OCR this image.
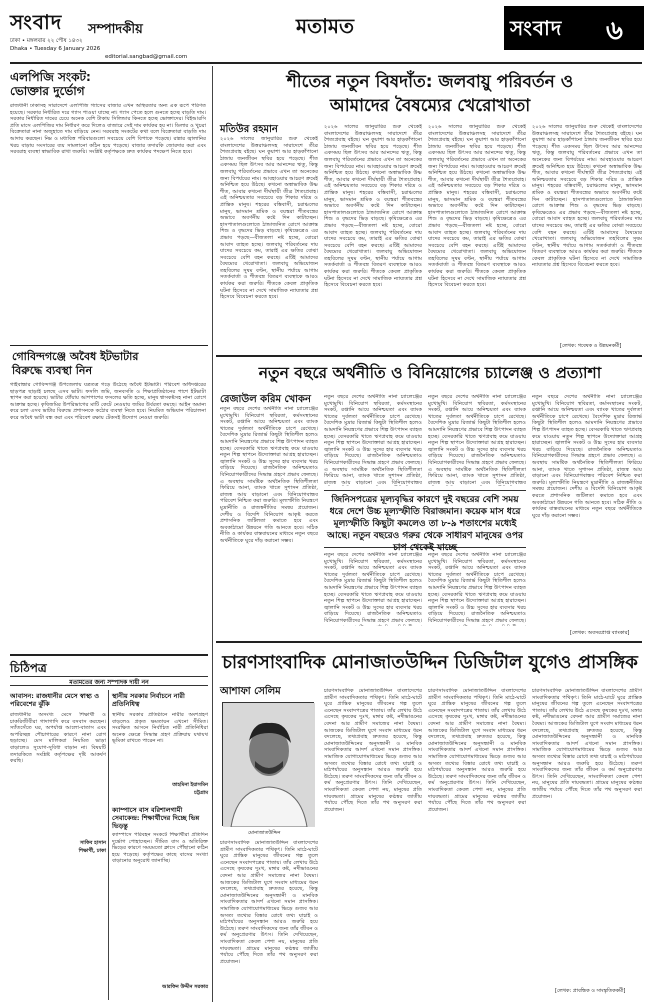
সংবাদ সম্পাদকীয়
ঢাকা • মঙ্গলবার ২২ পৌষ ১৪৩২
Dhaka • Tuesday 6 January 2026
editorial.sangbad@gmail.com
মতামত	সংবাদ ৬
এলপিজি সংকট:
ভোক্তার দুর্ভোগ
রাজধানী ঢাকাসহ সারাদেশে এলপিজি গ্যাসের বাজার এখন অস্থিরতার অন্য এক রূপে পরিণত হয়েছে। সরকার নির্ধারিত দরে গ্যাস পাওয়া যাচ্ছে না। গ্যাস পেতে হলে গুনতে হচ্ছে বাড়তি দাম। সরকার নির্ধারিত দামের চেয়ে অনেক বেশি টাকায় সিলিন্ডার কিনতে হচ্ছে ভোক্তাদের। বিইআরসি প্রতি মাসে এলপিজির দাম নির্ধারণ করে দিলেও বাজারে সেই দাম কার্যকর হয় না। ডিলার ও খুচরা বিক্রেতারা নানা অজুহাতে দাম বাড়িয়ে নেন। সরবরাহ সংকটের কথা বলে বিক্রেতারা বাড়তি দাম আদায় করছেন। নিম্ন ও মধ্যবিত্ত পরিবারগুলো সবচেয়ে বেশি বিপাকে পড়েছে। রান্নার জ্বালানির খরচ বাড়ায় সংসারের ব্যয় সামলানো কঠিন হয়ে পড়েছে। বাজার তদারকি জোরদার করা এবং সরবরাহ ব্যবস্থা স্বাভাবিক রাখা জরুরি। সংশ্লিষ্ট কর্তৃপক্ষকে দ্রুত কার্যকর পদক্ষেপ নিতে হবে।
গোবিন্দগঞ্জে অবৈধ ইটভাটার
বিরুদ্ধে ব্যবস্থা নিন
গাইবান্ধার গোবিন্দগঞ্জ উপজেলায় যত্রতত্র গড়ে উঠেছে অবৈধ ইটভাটা। পরিবেশ অধিদপ্তরের ছাড়পত্র ছাড়াই চলছে এসব ভাটা। ফসলি জমি, জনবসতি ও শিক্ষাপ্রতিষ্ঠানের পাশে ইটভাটা স্থাপন করা হয়েছে। ভাটার ধোঁয়ায় আশপাশের ফসলের ক্ষতি হচ্ছে, মানুষ শ্বাসকষ্টসহ নানা রোগে আক্রান্ত হচ্ছে। কৃষিজমির উপরিভাগের মাটি কেটে নেওয়ায় জমির উর্বরতা কমছে। আইন অমান্য করে চলা এসব ভাটার বিরুদ্ধে প্রশাসনকে কঠোর ব্যবস্থা নিতে হবে। নিয়মিত অভিযান পরিচালনা করে অবৈধ ভাটা বন্ধ করা এবং পরিবেশ রক্ষায় টেকসই উদ্যোগ নেওয়া জরুরি।
চিঠিপত্র
মতামতের জন্য সম্পাদক দায়ী নন
আবাসন: রাজধানীর মেসে স্বাস্থ্য ও পরিবেশের ঝুঁকি
রাজধানীর অসংখ্য মেসে শিক্ষার্থী ও চাকরিজীবীরা গাদাগাদি করে বসবাস করছেন। স্যাঁতসেঁতে ঘর, অপর্যাপ্ত আলো-বাতাস এবং অপরিচ্ছন্ন শৌচাগারের কারণে নানা রোগ ছড়াচ্ছে। মেস মালিকরা নিয়মিত ভাড়া বাড়ালেও সুযোগ-সুবিধা বাড়ান না। বিষয়টি তদারকিতে সংশ্লিষ্ট কর্তৃপক্ষের দৃষ্টি আকর্ষণ করছি।
স্থানীয় সরকার নির্বাচনে নারী প্রতিনিধিত্ব
স্থানীয় সরকার প্রতিষ্ঠানে নারীর অংশগ্রহণ বাড়লেও প্রকৃত ক্ষমতায়ন এখনো সীমিত। সংরক্ষিত আসনে নির্বাচিত নারী প্রতিনিধিরা অনেক ক্ষেত্রে সিদ্ধান্ত গ্রহণ প্রক্রিয়ায় যথাযথ ভূমিকা রাখতে পারেন না।
তাহমিনা ইয়াসমিন
চট্টগ্রাম
সাকিব হাসান
শিক্ষার্থী, ঢাকা
ক্যাম্পাসে বাস বরিশালগামী সেবাকেন্দ্র: শিক্ষার্থীদের দিচ্ছে ভিন্ন ভিড়ন্তু
ক্যাম্পাসে পরিবহন সংকটে শিক্ষার্থীরা প্রতিদিন দুর্ভোগ পোহাচ্ছেন। সীমিত বাস ও অতিরিক্ত ভিড়ের কারণে সময়মতো ক্লাসে পৌঁছানো কঠিন হয়ে পড়েছে। কর্তৃপক্ষের কাছে বাসের সংখ্যা বাড়ানোর অনুরোধ জানাচ্ছি।
আরফিন উদ্দীন সরকার
শীতের নতুন বিষদাঁত: জলবায়ু পরিবর্তন ও
আমাদের বৈষম্যের খেরোখাতা
মতিউর রহমান
২০২৬ সালের জানুয়ারির শুরু থেকেই বাংলাদেশের উত্তরাঞ্চলসহ সারাদেশে তীব্র শৈত্যপ্রবাহ বইছে। ঘন কুয়াশা আর হাড়কাঁপানো ঠান্ডায় জনজীবন স্থবির হয়ে পড়েছে। শীত একসময় ছিল উৎসব আর আনন্দের ঋতু, কিন্তু জলবায়ু পরিবর্তনের প্রভাবে এখন তা অনেকের জন্য বিপর্যয়ের নাম। আবহাওয়ার আচরণ ক্রমেই অনিশ্চিত হয়ে উঠছে। কখনো অস্বাভাবিক উষ্ণ শীত, আবার কখনো দীর্ঘস্থায়ী তীব্র শৈত্যপ্রবাহ। এই অনিশ্চয়তার সবচেয়ে বড় শিকার দরিদ্র ও প্রান্তিক মানুষ। শহরের বস্তিবাসী, চরাঞ্চলের মানুষ, ভাসমান শ্রমিক ও বয়স্করা শীতবস্ত্রের অভাবে অবর্ণনীয় কষ্টে দিন কাটাচ্ছেন। হাসপাতালগুলোতে ঠান্ডাজনিত রোগে আক্রান্ত শিশু ও বৃদ্ধদের ভিড় বাড়ছে। কৃষিক্ষেত্রেও এর প্রভাব পড়ছে—বীজতলা নষ্ট হচ্ছে, বোরো আবাদ ব্যাহত হচ্ছে। জলবায়ু পরিবর্তনের দায় যাদের সবচেয়ে কম, তারাই এর ক্ষতির বোঝা সবচেয়ে বেশি বহন করছে। এটিই আমাদের বৈষম্যের খেরোখাতা। জলবায়ু অভিযোজন তহবিলের সুষম বণ্টন, স্থানীয় পর্যায়ে আগাম সতর্কবার্তা ও শীতবস্ত্র বিতরণ ব্যবস্থাকে আরও কার্যকর করা জরুরি। শীতকে কেবল প্রাকৃতিক ঘটনা হিসেবে না দেখে সামাজিক ন্যায্যতার প্রশ্ন হিসেবে বিবেচনা করতে হবে।
২০২৬ সালের জানুয়ারির শুরু থেকেই বাংলাদেশের উত্তরাঞ্চলসহ সারাদেশে তীব্র শৈত্যপ্রবাহ বইছে। ঘন কুয়াশা আর হাড়কাঁপানো ঠান্ডায় জনজীবন স্থবির হয়ে পড়েছে। শীত একসময় ছিল উৎসব আর আনন্দের ঋতু, কিন্তু জলবায়ু পরিবর্তনের প্রভাবে এখন তা অনেকের জন্য বিপর্যয়ের নাম। আবহাওয়ার আচরণ ক্রমেই অনিশ্চিত হয়ে উঠছে। কখনো অস্বাভাবিক উষ্ণ শীত, আবার কখনো দীর্ঘস্থায়ী তীব্র শৈত্যপ্রবাহ। এই অনিশ্চয়তার সবচেয়ে বড় শিকার দরিদ্র ও প্রান্তিক মানুষ। শহরের বস্তিবাসী, চরাঞ্চলের মানুষ, ভাসমান শ্রমিক ও বয়স্করা শীতবস্ত্রের অভাবে অবর্ণনীয় কষ্টে দিন কাটাচ্ছেন। হাসপাতালগুলোতে ঠান্ডাজনিত রোগে আক্রান্ত শিশু ও বৃদ্ধদের ভিড় বাড়ছে। কৃষিক্ষেত্রেও এর প্রভাব পড়ছে—বীজতলা নষ্ট হচ্ছে, বোরো আবাদ ব্যাহত হচ্ছে। জলবায়ু পরিবর্তনের দায় যাদের সবচেয়ে কম, তারাই এর ক্ষতির বোঝা সবচেয়ে বেশি বহন করছে। এটিই আমাদের বৈষম্যের খেরোখাতা। জলবায়ু অভিযোজন তহবিলের সুষম বণ্টন, স্থানীয় পর্যায়ে আগাম সতর্কবার্তা ও শীতবস্ত্র বিতরণ ব্যবস্থাকে আরও কার্যকর করা জরুরি। শীতকে কেবল প্রাকৃতিক ঘটনা হিসেবে না দেখে সামাজিক ন্যায্যতার প্রশ্ন হিসেবে বিবেচনা করতে হবে।
২০২৬ সালের জানুয়ারির শুরু থেকেই বাংলাদেশের উত্তরাঞ্চলসহ সারাদেশে তীব্র শৈত্যপ্রবাহ বইছে। ঘন কুয়াশা আর হাড়কাঁপানো ঠান্ডায় জনজীবন স্থবির হয়ে পড়েছে। শীত একসময় ছিল উৎসব আর আনন্দের ঋতু, কিন্তু জলবায়ু পরিবর্তনের প্রভাবে এখন তা অনেকের জন্য বিপর্যয়ের নাম। আবহাওয়ার আচরণ ক্রমেই অনিশ্চিত হয়ে উঠছে। কখনো অস্বাভাবিক উষ্ণ শীত, আবার কখনো দীর্ঘস্থায়ী তীব্র শৈত্যপ্রবাহ। এই অনিশ্চয়তার সবচেয়ে বড় শিকার দরিদ্র ও প্রান্তিক মানুষ। শহরের বস্তিবাসী, চরাঞ্চলের মানুষ, ভাসমান শ্রমিক ও বয়স্করা শীতবস্ত্রের অভাবে অবর্ণনীয় কষ্টে দিন কাটাচ্ছেন। হাসপাতালগুলোতে ঠান্ডাজনিত রোগে আক্রান্ত শিশু ও বৃদ্ধদের ভিড় বাড়ছে। কৃষিক্ষেত্রেও এর প্রভাব পড়ছে—বীজতলা নষ্ট হচ্ছে, বোরো আবাদ ব্যাহত হচ্ছে। জলবায়ু পরিবর্তনের দায় যাদের সবচেয়ে কম, তারাই এর ক্ষতির বোঝা সবচেয়ে বেশি বহন করছে। এটিই আমাদের বৈষম্যের খেরোখাতা। জলবায়ু অভিযোজন তহবিলের সুষম বণ্টন, স্থানীয় পর্যায়ে আগাম সতর্কবার্তা ও শীতবস্ত্র বিতরণ ব্যবস্থাকে আরও কার্যকর করা জরুরি। শীতকে কেবল প্রাকৃতিক ঘটনা হিসেবে না দেখে সামাজিক ন্যায্যতার প্রশ্ন হিসেবে বিবেচনা করতে হবে।
২০২৬ সালের জানুয়ারির শুরু থেকেই বাংলাদেশের উত্তরাঞ্চলসহ সারাদেশে তীব্র শৈত্যপ্রবাহ বইছে। ঘন কুয়াশা আর হাড়কাঁপানো ঠান্ডায় জনজীবন স্থবির হয়ে পড়েছে। শীত একসময় ছিল উৎসব আর আনন্দের ঋতু, কিন্তু জলবায়ু পরিবর্তনের প্রভাবে এখন তা অনেকের জন্য বিপর্যয়ের নাম। আবহাওয়ার আচরণ ক্রমেই অনিশ্চিত হয়ে উঠছে। কখনো অস্বাভাবিক উষ্ণ শীত, আবার কখনো দীর্ঘস্থায়ী তীব্র শৈত্যপ্রবাহ। এই অনিশ্চয়তার সবচেয়ে বড় শিকার দরিদ্র ও প্রান্তিক মানুষ। শহরের বস্তিবাসী, চরাঞ্চলের মানুষ, ভাসমান শ্রমিক ও বয়স্করা শীতবস্ত্রের অভাবে অবর্ণনীয় কষ্টে দিন কাটাচ্ছেন। হাসপাতালগুলোতে ঠান্ডাজনিত রোগে আক্রান্ত শিশু ও বৃদ্ধদের ভিড় বাড়ছে। কৃষিক্ষেত্রেও এর প্রভাব পড়ছে—বীজতলা নষ্ট হচ্ছে, বোরো আবাদ ব্যাহত হচ্ছে। জলবায়ু পরিবর্তনের দায় যাদের সবচেয়ে কম, তারাই এর ক্ষতির বোঝা সবচেয়ে বেশি বহন করছে। এটিই আমাদের বৈষম্যের খেরোখাতা। জলবায়ু অভিযোজন তহবিলের সুষম বণ্টন, স্থানীয় পর্যায়ে আগাম সতর্কবার্তা ও শীতবস্ত্র বিতরণ ব্যবস্থাকে আরও কার্যকর করা জরুরি। শীতকে কেবল প্রাকৃতিক ঘটনা হিসেবে না দেখে সামাজিক ন্যায্যতার প্রশ্ন হিসেবে বিবেচনা করতে হবে।
[লেখক: গবেষক ও উন্নয়নকর্মী]
নতুন বছরে অর্থনীতি ও বিনিয়োগের চ্যালেঞ্জ ও প্রত্যাশা
রেজাউল করিম খোকন
নতুন বছরে দেশের অর্থনীতি নানা চ্যালেঞ্জের মুখোমুখি। বিনিয়োগ স্থবিরতা, কর্মসংস্থানের সংকট, রপ্তানি আয়ে অনিশ্চয়তা এবং ব্যাংক খাতের দুর্বলতা অর্থনীতিকে চাপে রেখেছে। বৈদেশিক মুদ্রার রিজার্ভ কিছুটা স্থিতিশীল হলেও আমদানি নিয়ন্ত্রণের প্রভাবে শিল্প উৎপাদন ব্যাহত হচ্ছে। বেসরকারি খাতে ঋণপ্রবাহ কমে যাওয়ায় নতুন শিল্প স্থাপনে উদ্যোক্তারা আগ্রহ হারাচ্ছেন। জ্বালানি সংকট ও উচ্চ সুদের হার ব্যবসার খরচ বাড়িয়ে দিয়েছে। রাজনৈতিক অনিশ্চয়তাও বিনিয়োগকারীদের সিদ্ধান্ত গ্রহণে প্রভাব ফেলছে। এ অবস্থায় সামষ্টিক অর্থনৈতিক স্থিতিশীলতা ফিরিয়ে আনা, ব্যাংক খাতে সুশাসন প্রতিষ্ঠা, রাজস্ব আয় বাড়ানো এবং বিনিয়োগবান্ধব পরিবেশ নিশ্চিত করা জরুরি। মূল্যস্ফীতি নিয়ন্ত্রণে মুদ্রানীতি ও রাজস্বনীতির সমন্বয় প্রয়োজন। দেশীয় ও বিদেশি বিনিয়োগ আকৃষ্ট করতে প্রশাসনিক জটিলতা কমাতে হবে এবং অবকাঠামো উন্নয়নে গতি আনতে হবে। সঠিক নীতি ও কার্যকর বাস্তবায়নের মাধ্যমে নতুন বছরে অর্থনীতিকে ঘুরে দাঁড় করানো সম্ভব।
নতুন বছরে দেশের অর্থনীতি নানা চ্যালেঞ্জের মুখোমুখি। বিনিয়োগ স্থবিরতা, কর্মসংস্থানের সংকট, রপ্তানি আয়ে অনিশ্চয়তা এবং ব্যাংক খাতের দুর্বলতা অর্থনীতিকে চাপে রেখেছে। বৈদেশিক মুদ্রার রিজার্ভ কিছুটা স্থিতিশীল হলেও আমদানি নিয়ন্ত্রণের প্রভাবে শিল্প উৎপাদন ব্যাহত হচ্ছে। বেসরকারি খাতে ঋণপ্রবাহ কমে যাওয়ায় নতুন শিল্প স্থাপনে উদ্যোক্তারা আগ্রহ হারাচ্ছেন। জ্বালানি সংকট ও উচ্চ সুদের হার ব্যবসার খরচ বাড়িয়ে দিয়েছে। রাজনৈতিক অনিশ্চয়তাও বিনিয়োগকারীদের সিদ্ধান্ত গ্রহণে প্রভাব ফেলছে। এ অবস্থায় সামষ্টিক অর্থনৈতিক স্থিতিশীলতা ফিরিয়ে আনা, ব্যাংক খাতে সুশাসন প্রতিষ্ঠা, রাজস্ব আয় বাড়ানো এবং বিনিয়োগবান্ধব
নতুন বছরে দেশের অর্থনীতি নানা চ্যালেঞ্জের মুখোমুখি। বিনিয়োগ স্থবিরতা, কর্মসংস্থানের সংকট, রপ্তানি আয়ে অনিশ্চয়তা এবং ব্যাংক খাতের দুর্বলতা অর্থনীতিকে চাপে রেখেছে। বৈদেশিক মুদ্রার রিজার্ভ কিছুটা স্থিতিশীল হলেও আমদানি নিয়ন্ত্রণের প্রভাবে শিল্প উৎপাদন ব্যাহত হচ্ছে। বেসরকারি খাতে ঋণপ্রবাহ কমে যাওয়ায় নতুন শিল্প স্থাপনে উদ্যোক্তারা আগ্রহ হারাচ্ছেন। জ্বালানি সংকট ও উচ্চ সুদের হার ব্যবসার খরচ বাড়িয়ে দিয়েছে। রাজনৈতিক অনিশ্চয়তাও বিনিয়োগকারীদের সিদ্ধান্ত গ্রহণে প্রভাব ফেলছে। এ অবস্থায় সামষ্টিক অর্থনৈতিক স্থিতিশীলতা ফিরিয়ে আনা, ব্যাংক খাতে সুশাসন প্রতিষ্ঠা, রাজস্ব আয় বাড়ানো এবং বিনিয়োগবান্ধব
নতুন বছরে দেশের অর্থনীতি নানা চ্যালেঞ্জের মুখোমুখি। বিনিয়োগ স্থবিরতা, কর্মসংস্থানের সংকট, রপ্তানি আয়ে অনিশ্চয়তা এবং ব্যাংক খাতের দুর্বলতা অর্থনীতিকে চাপে রেখেছে। বৈদেশিক মুদ্রার রিজার্ভ কিছুটা স্থিতিশীল হলেও আমদানি নিয়ন্ত্রণের প্রভাবে শিল্প উৎপাদন ব্যাহত হচ্ছে। বেসরকারি খাতে ঋণপ্রবাহ কমে যাওয়ায় নতুন শিল্প স্থাপনে উদ্যোক্তারা আগ্রহ হারাচ্ছেন। জ্বালানি সংকট ও উচ্চ সুদের হার ব্যবসার খরচ বাড়িয়ে দিয়েছে। রাজনৈতিক অনিশ্চয়তাও বিনিয়োগকারীদের সিদ্ধান্ত গ্রহণে প্রভাব ফেলছে। এ অবস্থায় সামষ্টিক অর্থনৈতিক স্থিতিশীলতা ফিরিয়ে আনা, ব্যাংক খাতে সুশাসন প্রতিষ্ঠা, রাজস্ব আয় বাড়ানো এবং বিনিয়োগবান্ধব পরিবেশ নিশ্চিত করা জরুরি। মূল্যস্ফীতি নিয়ন্ত্রণে মুদ্রানীতি ও রাজস্বনীতির সমন্বয় প্রয়োজন। দেশীয় ও বিদেশি বিনিয়োগ আকৃষ্ট করতে প্রশাসনিক জটিলতা কমাতে হবে এবং অবকাঠামো উন্নয়নে গতি আনতে হবে। সঠিক নীতি ও কার্যকর বাস্তবায়নের মাধ্যমে নতুন বছরে অর্থনীতিকে ঘুরে দাঁড় করানো সম্ভব।
জিনিসপত্রের মূল্যবৃদ্ধির কারণে দুই বছরের বেশি সময় ধরে দেশে উচ্চ মূল্যস্ফীতি বিরাজমান। কয়েক মাস ধরে মূল্যস্ফীতি কিছুটা কমলেও তা ৮-৯ শতাংশের মধ্যেই আছে। নতুন বছরেও গরুর থেকে সাধারণ মানুষের ওপর চাপ থেকেই যাচ্ছে
নতুন বছরে দেশের অর্থনীতি নানা চ্যালেঞ্জের মুখোমুখি। বিনিয়োগ স্থবিরতা, কর্মসংস্থানের সংকট, রপ্তানি আয়ে অনিশ্চয়তা এবং ব্যাংক খাতের দুর্বলতা অর্থনীতিকে চাপে রেখেছে। বৈদেশিক মুদ্রার রিজার্ভ কিছুটা স্থিতিশীল হলেও আমদানি নিয়ন্ত্রণের প্রভাবে শিল্প উৎপাদন ব্যাহত হচ্ছে। বেসরকারি খাতে ঋণপ্রবাহ কমে যাওয়ায় নতুন শিল্প স্থাপনে উদ্যোক্তারা আগ্রহ হারাচ্ছেন। জ্বালানি সংকট ও উচ্চ সুদের হার ব্যবসার খরচ বাড়িয়ে দিয়েছে। রাজনৈতিক অনিশ্চয়তাও বিনিয়োগকারীদের সিদ্ধান্ত গ্রহণে প্রভাব ফেলছে।
নতুন বছরে দেশের অর্থনীতি নানা চ্যালেঞ্জের মুখোমুখি। বিনিয়োগ স্থবিরতা, কর্মসংস্থানের সংকট, রপ্তানি আয়ে অনিশ্চয়তা এবং ব্যাংক খাতের দুর্বলতা অর্থনীতিকে চাপে রেখেছে। বৈদেশিক মুদ্রার রিজার্ভ কিছুটা স্থিতিশীল হলেও আমদানি নিয়ন্ত্রণের প্রভাবে শিল্প উৎপাদন ব্যাহত হচ্ছে। বেসরকারি খাতে ঋণপ্রবাহ কমে যাওয়ায় নতুন শিল্প স্থাপনে উদ্যোক্তারা আগ্রহ হারাচ্ছেন। জ্বালানি সংকট ও উচ্চ সুদের হার ব্যবসার খরচ বাড়িয়ে দিয়েছে। রাজনৈতিক অনিশ্চয়তাও বিনিয়োগকারীদের সিদ্ধান্ত গ্রহণে প্রভাব ফেলছে।
[লেখক: অবসরপ্রাপ্ত ব্যাংকার]
চারণসাংবাদিক মোনাজাতউদ্দিন ডিজিটাল যুগেও প্রাসঙ্গিক
আশাফা সেলিম
মোনাজাতউদ্দিন
চারণসাংবাদিক মোনাজাতউদ্দিন বাংলাদেশের গ্রামীণ সাংবাদিকতার পথিকৃৎ। তিনি মাঠে-ঘাটে ঘুরে প্রান্তিক মানুষের জীবনের গল্প তুলে এনেছেন সংবাদপত্রের পাতায়। তাঁর লেখায় উঠে এসেছে কৃষকের দুঃখ, মঙ্গার কষ্ট, নদীভাঙনের বেদনা আর গ্রামীণ সমাজের নানা বৈষম্য। আজকের ডিজিটাল যুগে সংবাদ মাধ্যমের ধরন বদলেছে, তথ্যপ্রবাহ দ্রুততর হয়েছে, কিন্তু মোনাজাতউদ্দিনের অনুসন্ধানী ও মানবিক সাংবাদিকতার আদর্শ এখনো সমান প্রাসঙ্গিক। সামাজিক যোগাযোগমাধ্যমের ভিড়ে গুজব আর অসত্য তথ্যের বিস্তার রোধে তথ্য যাচাই ও মাঠপর্যায়ের অনুসন্ধান আরও জরুরি হয়ে উঠেছে। তরুণ সাংবাদিকদের জন্য তাঁর জীবন ও কর্ম অনুপ্রেরণার উৎস। তিনি দেখিয়েছেন, সাংবাদিকতা কেবল পেশা নয়, মানুষের প্রতি দায়বদ্ধতা। গ্রামের মানুষের কণ্ঠস্বর জাতীয় পর্যায়ে পৌঁছে দিতে তাঁর পথ অনুসরণ করা প্রয়োজন।
চারণসাংবাদিক মোনাজাতউদ্দিন বাংলাদেশের গ্রামীণ সাংবাদিকতার পথিকৃৎ। তিনি মাঠে-ঘাটে ঘুরে প্রান্তিক মানুষের জীবনের গল্প তুলে এনেছেন সংবাদপত্রের পাতায়। তাঁর লেখায় উঠে এসেছে কৃষকের দুঃখ, মঙ্গার কষ্ট, নদীভাঙনের বেদনা আর গ্রামীণ সমাজের নানা বৈষম্য। আজকের ডিজিটাল যুগে সংবাদ মাধ্যমের ধরন বদলেছে, তথ্যপ্রবাহ দ্রুততর হয়েছে, কিন্তু মোনাজাতউদ্দিনের অনুসন্ধানী ও মানবিক সাংবাদিকতার আদর্শ এখনো সমান প্রাসঙ্গিক। সামাজিক যোগাযোগমাধ্যমের ভিড়ে গুজব আর অসত্য তথ্যের বিস্তার রোধে তথ্য যাচাই ও মাঠপর্যায়ের অনুসন্ধান আরও জরুরি হয়ে উঠেছে। তরুণ সাংবাদিকদের জন্য তাঁর জীবন ও কর্ম অনুপ্রেরণার উৎস। তিনি দেখিয়েছেন, সাংবাদিকতা কেবল পেশা নয়, মানুষের প্রতি দায়বদ্ধতা। গ্রামের মানুষের কণ্ঠস্বর জাতীয় পর্যায়ে পৌঁছে দিতে তাঁর পথ অনুসরণ করা প্রয়োজন।
চারণসাংবাদিক মোনাজাতউদ্দিন বাংলাদেশের গ্রামীণ সাংবাদিকতার পথিকৃৎ। তিনি মাঠে-ঘাটে ঘুরে প্রান্তিক মানুষের জীবনের গল্প তুলে এনেছেন সংবাদপত্রের পাতায়। তাঁর লেখায় উঠে এসেছে কৃষকের দুঃখ, মঙ্গার কষ্ট, নদীভাঙনের বেদনা আর গ্রামীণ সমাজের নানা বৈষম্য। আজকের ডিজিটাল যুগে সংবাদ মাধ্যমের ধরন বদলেছে, তথ্যপ্রবাহ দ্রুততর হয়েছে, কিন্তু মোনাজাতউদ্দিনের অনুসন্ধানী ও মানবিক সাংবাদিকতার আদর্শ এখনো সমান প্রাসঙ্গিক। সামাজিক যোগাযোগমাধ্যমের ভিড়ে গুজব আর অসত্য তথ্যের বিস্তার রোধে তথ্য যাচাই ও মাঠপর্যায়ের অনুসন্ধান আরও জরুরি হয়ে উঠেছে। তরুণ সাংবাদিকদের জন্য তাঁর জীবন ও কর্ম অনুপ্রেরণার উৎস। তিনি দেখিয়েছেন, সাংবাদিকতা কেবল পেশা নয়, মানুষের প্রতি দায়বদ্ধতা। গ্রামের মানুষের কণ্ঠস্বর জাতীয় পর্যায়ে পৌঁছে দিতে তাঁর পথ অনুসরণ করা প্রয়োজন।
চারণসাংবাদিক মোনাজাতউদ্দিন বাংলাদেশের গ্রামীণ সাংবাদিকতার পথিকৃৎ। তিনি মাঠে-ঘাটে ঘুরে প্রান্তিক মানুষের জীবনের গল্প তুলে এনেছেন সংবাদপত্রের পাতায়। তাঁর লেখায় উঠে এসেছে কৃষকের দুঃখ, মঙ্গার কষ্ট, নদীভাঙনের বেদনা আর গ্রামীণ সমাজের নানা বৈষম্য। আজকের ডিজিটাল যুগে সংবাদ মাধ্যমের ধরন বদলেছে, তথ্যপ্রবাহ দ্রুততর হয়েছে, কিন্তু মোনাজাতউদ্দিনের অনুসন্ধানী ও মানবিক সাংবাদিকতার আদর্শ এখনো সমান প্রাসঙ্গিক। সামাজিক যোগাযোগমাধ্যমের ভিড়ে গুজব আর অসত্য তথ্যের বিস্তার রোধে তথ্য যাচাই ও মাঠপর্যায়ের অনুসন্ধান আরও জরুরি হয়ে উঠেছে। তরুণ সাংবাদিকদের জন্য তাঁর জীবন ও কর্ম অনুপ্রেরণার উৎস। তিনি দেখিয়েছেন, সাংবাদিকতা কেবল পেশা নয়, মানুষের প্রতি দায়বদ্ধতা। গ্রামের মানুষের কণ্ঠস্বর জাতীয় পর্যায়ে পৌঁছে দিতে তাঁর পথ অনুসরণ করা প্রয়োজন।
[লেখক: প্রাবন্ধিক ও সাংস্কৃতিককর্মী]
